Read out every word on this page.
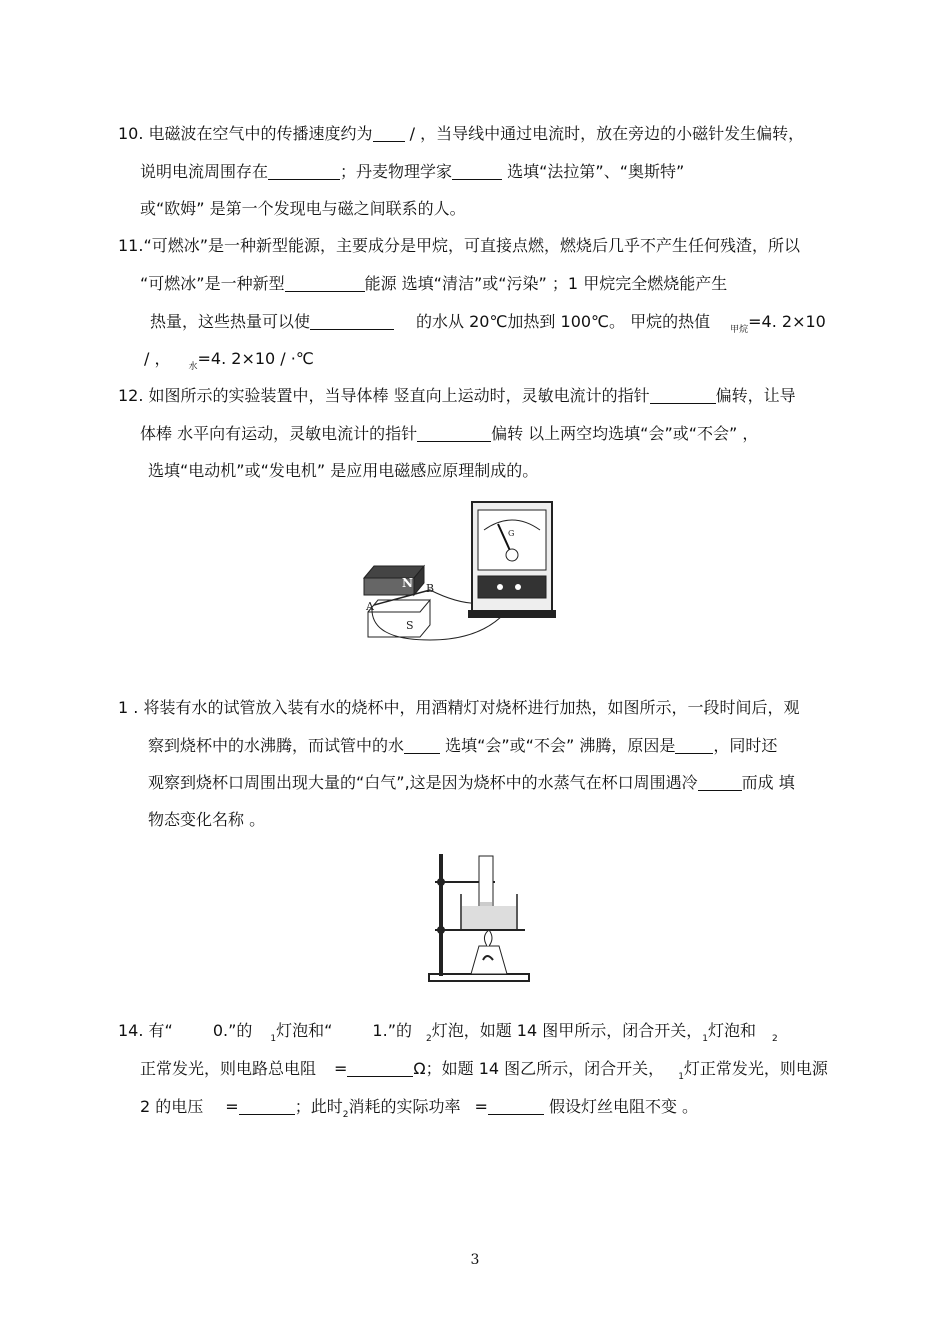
10. 电磁波在空气中的传播速度约为 / ，当导线中通过电流时，放在旁边的小磁针发生偏转，
说明电流周围存在	；丹麦物理学家	选填“法拉第”、“奥斯特”
或“欧姆” 是第一个发现电与磁之间联系的人。
11.“可燃冰”是一种新型能源，主要成分是甲烷，可直接点燃，燃烧后几乎不产生任何残渣，所以
“可燃冰”是一种新型	能源 选填“清洁”或“污染” ；1 甲烷完全燃烧能产生
热量，这些热量可以使	的水从 20℃加热到 100℃。 甲烷的热值 $_{甲烷}$=4. 2×10
/ ， $_水$=4. 2×10 / ·℃
12. 如图所示的实验装置中，当导体棒 竖直向上运动时，灵敏电流计的指针	偏转，让导
体棒 水平向有运动，灵敏电流计的指针	偏转 以上两空均选填“会”或“不会” ，
选填“电动机”或“发电机” 是应用电磁感应原理制成的。
N
S
A
B
G
1 . 将装有水的试管放入装有水的烧杯中，用酒精灯对烧杯进行加热，如图所示，一段时间后，观
察到烧杯中的水沸腾，而试管中的水 选填“会”或“不会” 沸腾，原因是 ，同时还
观察到烧杯口周围出现大量的“白气”,这是因为烧杯中的水蒸气在杯口周围遇冷	而成 填
物态变化名称 。
14. 有“	0.”的 $_1$灯泡和“	1.”的 $_2$灯泡，如题 14 图甲所示，闭合开关，$_1$灯泡和 $_2$
正常发光，则电路总电阻 =	Ω；如题 14 图乙所示，闭合开关， $_1$灯正常发光，则电源
2 的电压 =	；此时$_2$消耗的实际功率 =	假设灯丝电阻不变 。
3
